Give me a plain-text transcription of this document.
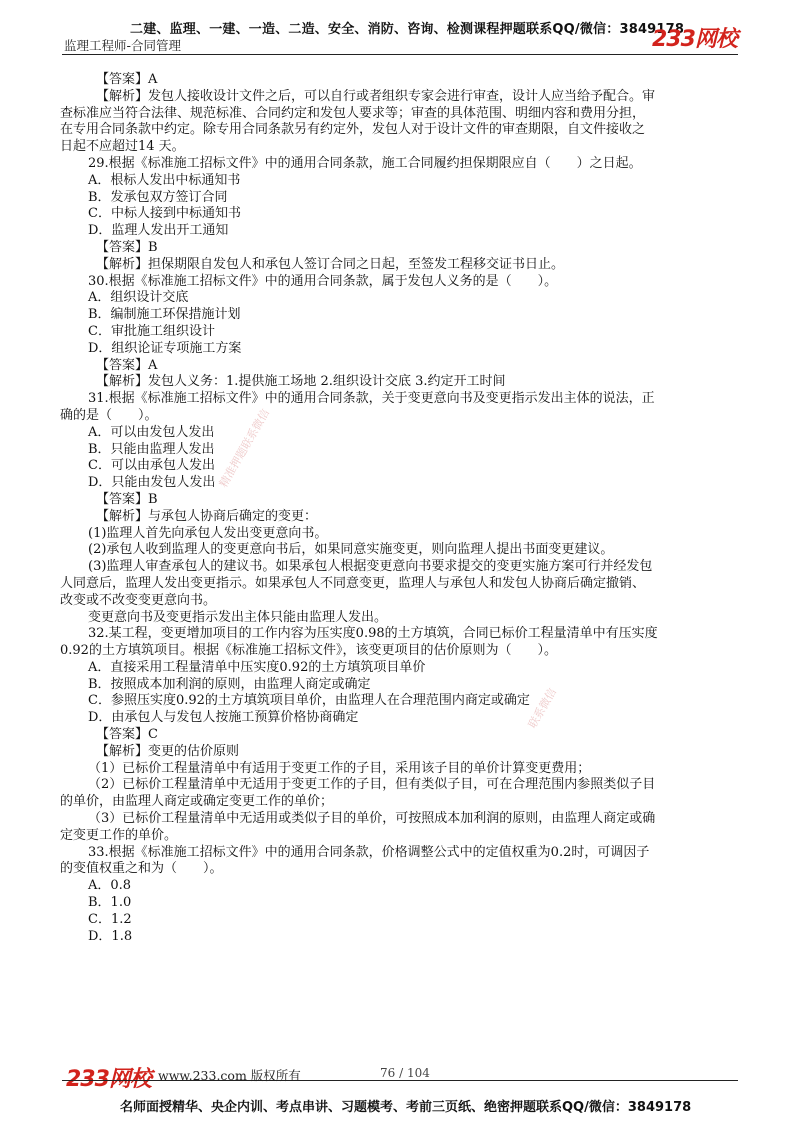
二建、监理、一建、一造、二造、安全、消防、咨询、检测课程押题联系QQ/微信：3849178
监理工程师-合同管理	233网校
精准押题联系微信
联系微信
【答案】A
【解析】发包人接收设计文件之后，可以自行或者组织专家会进行审查，设计人应当给予配合。审
查标准应当符合法律、规范标准、合同约定和发包人要求等；审查的具体范围、明细内容和费用分担，
在专用合同条款中约定。除专用合同条款另有约定外，发包人对于设计文件的审查期限，自文件接收之
日起不应超过14 天。
29.根据《标准施工招标文件》中的通用合同条款，施工合同履约担保期限应自（　　）之日起。
A．根标人发出中标通知书
B．发承包双方签订合同
C．中标人接到中标通知书
D．监理人发出开工通知
【答案】B
【解析】担保期限自发包人和承包人签订合同之日起，至签发工程移交证书日止。
30.根据《标准施工招标文件》中的通用合同条款，属于发包人义务的是（　　）。
A．组织设计交底
B．编制施工环保措施计划
C．审批施工组织设计
D．组织论证专项施工方案
【答案】A
【解析】发包人义务：1.提供施工场地 2.组织设计交底 3.约定开工时间
31.根据《标准施工招标文件》中的通用合同条款，关于变更意向书及变更指示发出主体的说法，正
确的是（　　）。
A．可以由发包人发出
B．只能由监理人发出
C．可以由承包人发出
D．只能由发包人发出
【答案】B
【解析】与承包人协商后确定的变更：
(1)监理人首先向承包人发出变更意向书。
(2)承包人收到监理人的变更意向书后，如果同意实施变更，则向监理人提出书面变更建议。
(3)监理人审查承包人的建议书。如果承包人根据变更意向书要求提交的变更实施方案可行并经发包
人同意后，监理人发出变更指示。如果承包人不同意变更，监理人与承包人和发包人协商后确定撤销、
改变或不改变变更意向书。
变更意向书及变更指示发出主体只能由监理人发出。
32.某工程，变更增加项目的工作内容为压实度0.98的土方填筑，合同已标价工程量清单中有压实度
0.92的土方填筑项目。根据《标准施工招标文件》，该变更项目的估价原则为（　　）。
A．直接采用工程量清单中压实度0.92的土方填筑项目单价
B．按照成本加利润的原则，由监理人商定或确定
C．参照压实度0.92的土方填筑项目单价，由监理人在合理范围内商定或确定
D．由承包人与发包人按施工预算价格协商确定
【答案】C
【解析】变更的估价原则
（1）已标价工程量清单中有适用于变更工作的子目，采用该子目的单价计算变更费用；
（2）已标价工程量清单中无适用于变更工作的子目，但有类似子目，可在合理范围内参照类似子目
的单价，由监理人商定或确定变更工作的单价；
（3）已标价工程量清单中无适用或类似子目的单价，可按照成本加利润的原则，由监理人商定或确
定变更工作的单价。
33.根据《标准施工招标文件》中的通用合同条款，价格调整公式中的定值权重为0.2时，可调因子
的变值权重之和为（　　）。
A．0.8
B．1.0
C．1.2
D．1.8
233网校 www.233.com 版权所有	76 / 104
名师面授精华、央企内训、考点串讲、习题模考、考前三页纸、绝密押题联系QQ/微信：3849178
